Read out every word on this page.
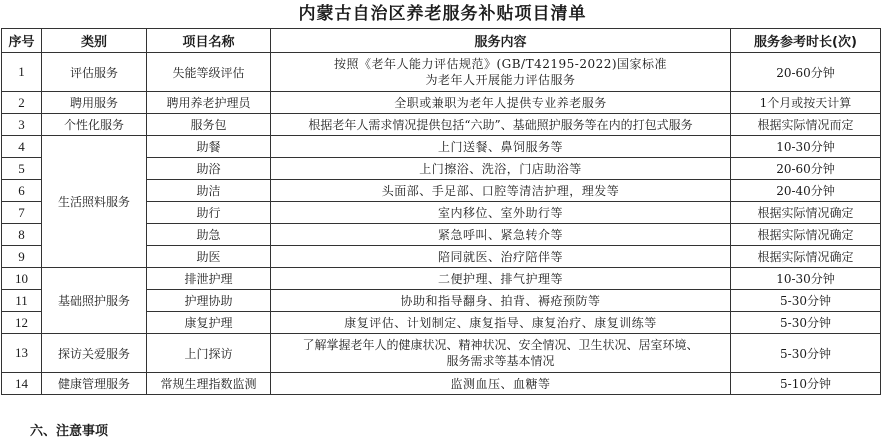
内蒙古自治区养老服务补贴项目清单
序号	类别	项目名称	服务内容	服务参考时长(次)
1	评估服务	失能等级评估	按照《老年人能力评估规范》(GB/T42195-2022)国家标准
为老年人开展能力评估服务	20-60分钟
2	聘用服务	聘用养老护理员	全职或兼职为老年人提供专业养老服务	1个月或按天计算
3	个性化服务	服务包	根据老年人需求情况提供包括“六助”、基础照护服务等在内的打包式服务	根据实际情况而定
4	生活照料服务	助餐	上门送餐、鼻饲服务等	10-30分钟
5		助浴	上门擦浴、洗浴，门店助浴等	20-60分钟
6		助洁	头面部、手足部、口腔等清洁护理，理发等	20-40分钟
7		助行	室内移位、室外助行等	根据实际情况确定
8		助急	紧急呼叫、紧急转介等	根据实际情况确定
9		助医	陪同就医、治疗陪伴等	根据实际情况确定
10	基础照护服务	排泄护理	二便护理、排气护理等	10-30分钟
11		护理协助	协助和指导翻身、拍背、褥疮预防等	5-30分钟
12		康复护理	康复评估、计划制定、康复指导、康复治疗、康复训练等	5-30分钟
13	探访关爱服务	上门探访	了解掌握老年人的健康状况、精神状况、安全情况、卫生状况、居室环境、
服务需求等基本情况	5-30分钟
14	健康管理服务	常规生理指数监测	监测血压、血糖等	5-10分钟
六、注意事项
